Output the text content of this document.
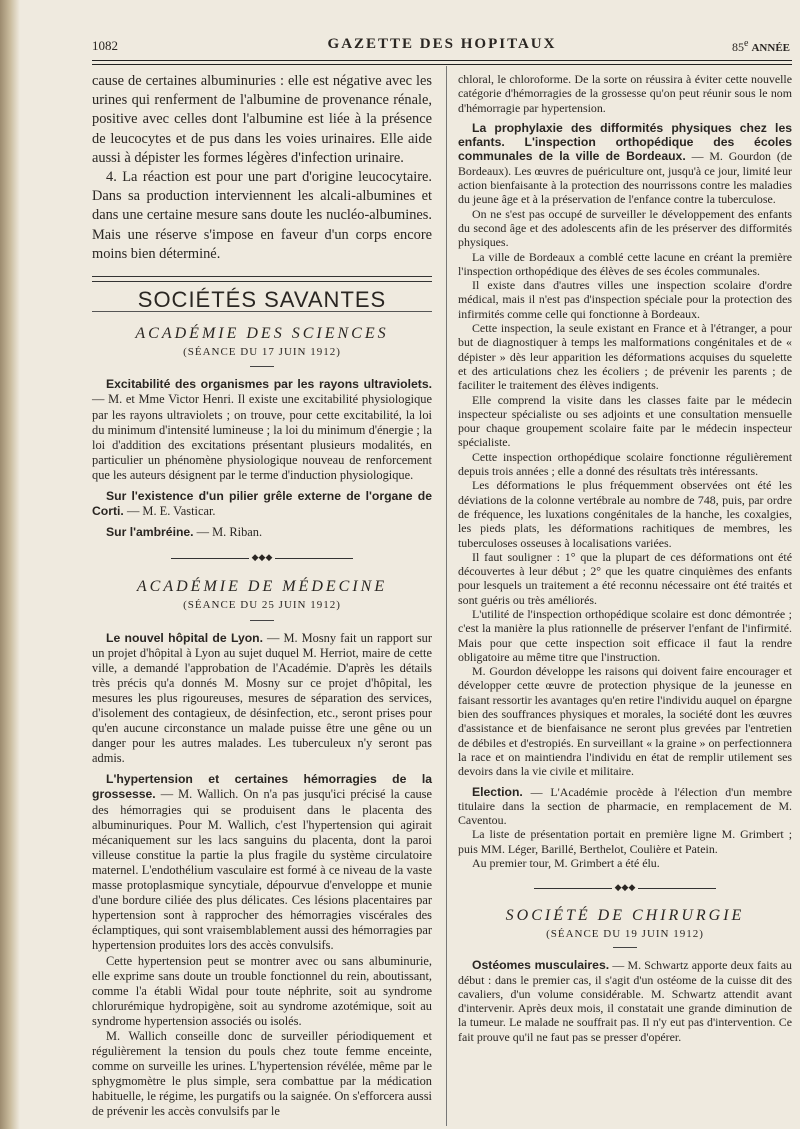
1082	GAZETTE DES HOPITAUX	85e ANNÉE

cause de certaines albuminuries : elle est négative avec les urines qui renferment de l'albumine de provenance rénale, positive avec celles dont l'albumine est liée à la présence de leucocytes et de pus dans les voies urinaires. Elle aide aussi à dépister les formes légères d'infection urinaire.

4. La réaction est pour une part d'origine leucocytaire. Dans sa production interviennent les alcali-albumines et dans une certaine mesure sans doute les nucléo-albumines. Mais une réserve s'impose en faveur d'un corps encore moins bien déterminé.

SOCIÉTÉS SAVANTES
ACADÉMIE DES SCIENCES
(SÉANCE DU 17 JUIN 1912)

Excitabilité des organismes par les rayons ultraviolets. — M. et Mme Victor Henri. Il existe une excitabilité physiologique par les rayons ultraviolets ; on trouve, pour cette excitabilité, la loi du minimum d'intensité lumineuse ; la loi du minimum d'énergie ; la loi d'addition des excitations présentant plusieurs modalités, en particulier un phénomène physiologique nouveau de renforcement que les auteurs désignent par le terme d'induction physiologique.

Sur l'existence d'un pilier grêle externe de l'organe de Corti. — M. E. Vasticar.

Sur l'ambréine. — M. Riban.

◆◆◆
ACADÉMIE DE MÉDECINE
(SÉANCE DU 25 JUIN 1912)

Le nouvel hôpital de Lyon. — M. Mosny fait un rapport sur un projet d'hôpital à Lyon au sujet duquel M. Herriot, maire de cette ville, a demandé l'approbation de l'Académie. D'après les détails très précis qu'a donnés M. Mosny sur ce projet d'hôpital, les mesures les plus rigoureuses, mesures de séparation des services, d'isolement des contagieux, de désinfection, etc., seront prises pour qu'en aucune circonstance un malade puisse être une gêne ou un danger pour les autres malades. Les tuberculeux n'y seront pas admis.

L'hypertension et certaines hémorragies de la grossesse. — M. Wallich. On n'a pas jusqu'ici précisé la cause des hémorragies qui se produisent dans le placenta des albuminuriques. Pour M. Wallich, c'est l'hypertension qui agirait mécaniquement sur les lacs sanguins du placenta, dont la paroi villeuse constitue la partie la plus fragile du système circulatoire maternel. L'endothélium vasculaire est formé à ce niveau de la vaste masse protoplasmique syncytiale, dépourvue d'enveloppe et munie d'une bordure ciliée des plus délicates. Ces lésions placentaires par hypertension sont à rapprocher des hémorragies viscérales des éclamptiques, qui sont vraisemblablement aussi des hémorragies par hypertension produites lors des accès convulsifs.

Cette hypertension peut se montrer avec ou sans albuminurie, elle exprime sans doute un trouble fonctionnel du rein, aboutissant, comme l'a établi Widal pour toute néphrite, soit au syndrome chlorurémique hydropigène, soit au syndrome azotémique, soit au syndrome hypertension associés ou isolés.

M. Wallich conseille donc de surveiller périodiquement et régulièrement la tension du pouls chez toute femme enceinte, comme on surveille les urines. L'hypertension révélée, même par le sphygmomètre le plus simple, sera combattue par la médication habituelle, le régime, les purgatifs ou la saignée. On s'efforcera aussi de prévenir les accès convulsifs par le

chloral, le chloroforme. De la sorte on réussira à éviter cette nouvelle catégorie d'hémorragies de la grossesse qu'on peut réunir sous le nom d'hémorragie par hypertension.

La prophylaxie des difformités physiques chez les enfants. L'inspection orthopédique des écoles communales de la ville de Bordeaux. — M. Gourdon (de Bordeaux). Les œuvres de puériculture ont, jusqu'à ce jour, limité leur action bienfaisante à la protection des nourrissons contre les maladies du jeune âge et à la préservation de l'enfance contre la tuberculose.

On ne s'est pas occupé de surveiller le développement des enfants du second âge et des adolescents afin de les préserver des difformités physiques.

La ville de Bordeaux a comblé cette lacune en créant la première l'inspection orthopédique des élèves de ses écoles communales.

Il existe dans d'autres villes une inspection scolaire d'ordre médical, mais il n'est pas d'inspection spéciale pour la protection des infirmités comme celle qui fonctionne à Bordeaux.

Cette inspection, la seule existant en France et à l'étranger, a pour but de diagnostiquer à temps les malformations congénitales et de « dépister » dès leur apparition les déformations acquises du squelette et des articulations chez les écoliers ; de prévenir les parents ; de faciliter le traitement des élèves indigents.

Elle comprend la visite dans les classes faite par le médecin inspecteur spécialiste ou ses adjoints et une consultation mensuelle pour chaque groupement scolaire faite par le médecin inspecteur spécialiste.

Cette inspection orthopédique scolaire fonctionne régulièrement depuis trois années ; elle a donné des résultats très intéressants.

Les déformations le plus fréquemment observées ont été les déviations de la colonne vertébrale au nombre de 748, puis, par ordre de fréquence, les luxations congénitales de la hanche, les coxalgies, les pieds plats, les déformations rachitiques de membres, les tuberculoses osseuses à localisations variées.

Il faut souligner : 1° que la plupart de ces déformations ont été découvertes à leur début ; 2° que les quatre cinquièmes des enfants pour lesquels un traitement a été reconnu nécessaire ont été traités et sont guéris ou très améliorés.

L'utilité de l'inspection orthopédique scolaire est donc démontrée ; c'est la manière la plus rationnelle de préserver l'enfant de l'infirmité. Mais pour que cette inspection soit efficace il faut la rendre obligatoire au même titre que l'instruction.

M. Gourdon développe les raisons qui doivent faire encourager et développer cette œuvre de protection physique de la jeunesse en faisant ressortir les avantages qu'en retire l'individu auquel on épargne bien des souffrances physiques et morales, la société dont les œuvres d'assistance et de bienfaisance ne seront plus grevées par l'entretien de débiles et d'estropiés. En surveillant « la graine » on perfectionnera la race et on maintiendra l'individu en état de remplir utilement ses devoirs dans la vie civile et militaire.

Election. — L'Académie procède à l'élection d'un membre titulaire dans la section de pharmacie, en remplacement de M. Caventou.

La liste de présentation portait en première ligne M. Grimbert ; puis MM. Léger, Barillé, Berthelot, Coulière et Patein.

Au premier tour, M. Grimbert a été élu.

◆◆◆
SOCIÉTÉ DE CHIRURGIE
(SÉANCE DU 19 JUIN 1912)

Ostéomes musculaires. — M. Schwartz apporte deux faits au début : dans le premier cas, il s'agit d'un ostéome de la cuisse dit des cavaliers, d'un volume considérable. M. Schwartz attendit avant d'intervenir. Après deux mois, il constatait une grande diminution de la tumeur. Le malade ne souffrait pas. Il n'y eut pas d'intervention. Ce fait prouve qu'il ne faut pas se presser d'opérer.
